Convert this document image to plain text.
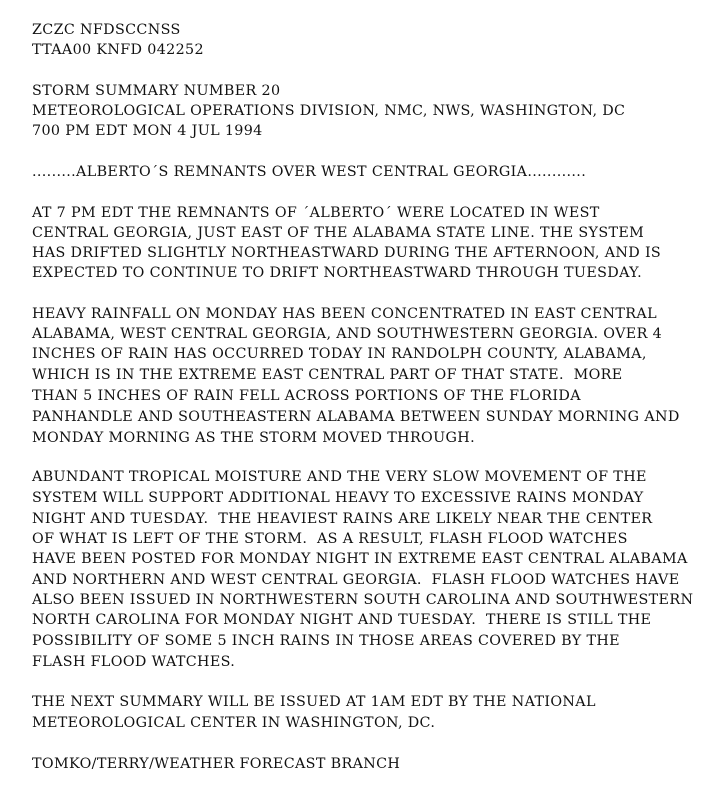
ZCZC NFDSCCNSS
TTAA00 KNFD 042252
STORM SUMMARY NUMBER 20
METEOROLOGICAL OPERATIONS DIVISION, NMC, NWS, WASHINGTON, DC
700 PM EDT MON 4 JUL 1994
.........ALBERTO´S REMNANTS OVER WEST CENTRAL GEORGIA............
AT 7 PM EDT THE REMNANTS OF ´ALBERTO´ WERE LOCATED IN WEST
CENTRAL GEORGIA, JUST EAST OF THE ALABAMA STATE LINE. THE SYSTEM
HAS DRIFTED SLIGHTLY NORTHEASTWARD DURING THE AFTERNOON, AND IS
EXPECTED TO CONTINUE TO DRIFT NORTHEASTWARD THROUGH TUESDAY.
HEAVY RAINFALL ON MONDAY HAS BEEN CONCENTRATED IN EAST CENTRAL
ALABAMA, WEST CENTRAL GEORGIA, AND SOUTHWESTERN GEORGIA. OVER 4
INCHES OF RAIN HAS OCCURRED TODAY IN RANDOLPH COUNTY, ALABAMA,
WHICH IS IN THE EXTREME EAST CENTRAL PART OF THAT STATE.  MORE
THAN 5 INCHES OF RAIN FELL ACROSS PORTIONS OF THE FLORIDA
PANHANDLE AND SOUTHEASTERN ALABAMA BETWEEN SUNDAY MORNING AND
MONDAY MORNING AS THE STORM MOVED THROUGH.
ABUNDANT TROPICAL MOISTURE AND THE VERY SLOW MOVEMENT OF THE
SYSTEM WILL SUPPORT ADDITIONAL HEAVY TO EXCESSIVE RAINS MONDAY
NIGHT AND TUESDAY.  THE HEAVIEST RAINS ARE LIKELY NEAR THE CENTER
OF WHAT IS LEFT OF THE STORM.  AS A RESULT, FLASH FLOOD WATCHES
HAVE BEEN POSTED FOR MONDAY NIGHT IN EXTREME EAST CENTRAL ALABAMA
AND NORTHERN AND WEST CENTRAL GEORGIA.  FLASH FLOOD WATCHES HAVE
ALSO BEEN ISSUED IN NORTHWESTERN SOUTH CAROLINA AND SOUTHWESTERN
NORTH CAROLINA FOR MONDAY NIGHT AND TUESDAY.  THERE IS STILL THE
POSSIBILITY OF SOME 5 INCH RAINS IN THOSE AREAS COVERED BY THE
FLASH FLOOD WATCHES.
THE NEXT SUMMARY WILL BE ISSUED AT 1AM EDT BY THE NATIONAL
METEOROLOGICAL CENTER IN WASHINGTON, DC.
TOMKO/TERRY/WEATHER FORECAST BRANCH
